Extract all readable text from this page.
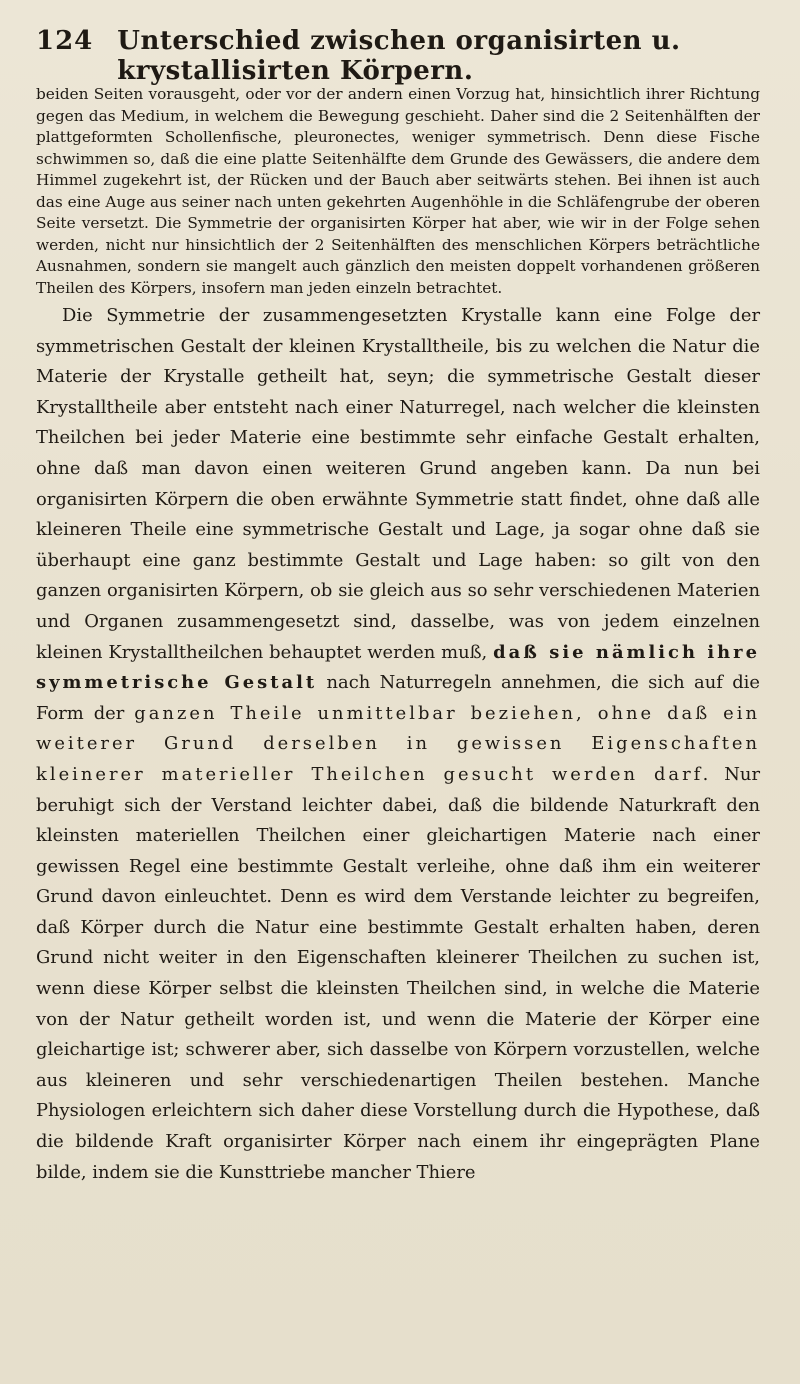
124 Unterschied zwischen organisirten u. krystallisirten Körpern.

beiden Seiten vorausgeht, oder vor der andern einen Vorzug hat, hinsichtlich ihrer Richtung gegen das Medium, in welchem die Bewegung geschieht. Daher sind die 2 Seitenhälften der plattgeformten Schollenfische, pleuronectes, weniger symmetrisch. Denn diese Fische schwimmen so, daß die eine platte Seitenhälfte dem Grunde des Gewässers, die andere dem Himmel zugekehrt ist, der Rücken und der Bauch aber seitwärts stehen. Bei ihnen ist auch das eine Auge aus seiner nach unten gekehrten Augenhöhle in die Schläfengrube der oberen Seite versetzt. Die Symmetrie der organisirten Körper hat aber, wie wir in der Folge sehen werden, nicht nur hinsichtlich der 2 Seitenhälften des menschlichen Körpers beträchtliche Ausnahmen, sondern sie mangelt auch gänzlich den meisten doppelt vorhandenen größeren Theilen des Körpers, insofern man jeden einzeln betrachtet.

Die Symmetrie der zusammengesetzten Krystalle kann eine Folge der symmetrischen Gestalt der kleinen Krystalltheile, bis zu welchen die Natur die Materie der Krystalle getheilt hat, seyn; die symmetrische Gestalt dieser Krystalltheile aber entsteht nach einer Naturregel, nach welcher die kleinsten Theilchen bei jeder Materie eine bestimmte sehr einfache Gestalt erhalten, ohne daß man davon einen weiteren Grund angeben kann. Da nun bei organisirten Körpern die oben erwähnte Symmetrie statt findet, ohne daß alle kleineren Theile eine symmetrische Gestalt und Lage, ja sogar ohne daß sie überhaupt eine ganz bestimmte Gestalt und Lage haben: so gilt von den ganzen organisirten Körpern, ob sie gleich aus so sehr verschiedenen Materien und Organen zusammengesetzt sind, dasselbe, was von jedem einzelnen kleinen Krystalltheilchen behauptet werden muß, daß sie nämlich ihre symmetrische Gestalt nach Naturregeln annehmen, die sich auf die Form der ganzen Theile unmittelbar beziehen, ohne daß ein weiterer Grund derselben in gewissen Eigenschaften kleinerer materieller Theilchen gesucht werden darf. Nur beruhigt sich der Verstand leichter dabei, daß die bildende Naturkraft den kleinsten materiellen Theilchen einer gleichartigen Materie nach einer gewissen Regel eine bestimmte Gestalt verleihe, ohne daß ihm ein weiterer Grund davon einleuchtet. Denn es wird dem Verstande leichter zu begreifen, daß Körper durch die Natur eine bestimmte Gestalt erhalten haben, deren Grund nicht weiter in den Eigenschaften kleinerer Theilchen zu suchen ist, wenn diese Körper selbst die kleinsten Theilchen sind, in welche die Materie von der Natur getheilt worden ist, und wenn die Materie der Körper eine gleichartige ist; schwerer aber, sich dasselbe von Körpern vorzustellen, welche aus kleineren und sehr verschiedenartigen Theilen bestehen. Manche Physiologen erleichtern sich daher diese Vorstellung durch die Hypothese, daß die bildende Kraft organisirter Körper nach einem ihr eingeprägten Plane bilde, indem sie die Kunsttriebe mancher Thiere
